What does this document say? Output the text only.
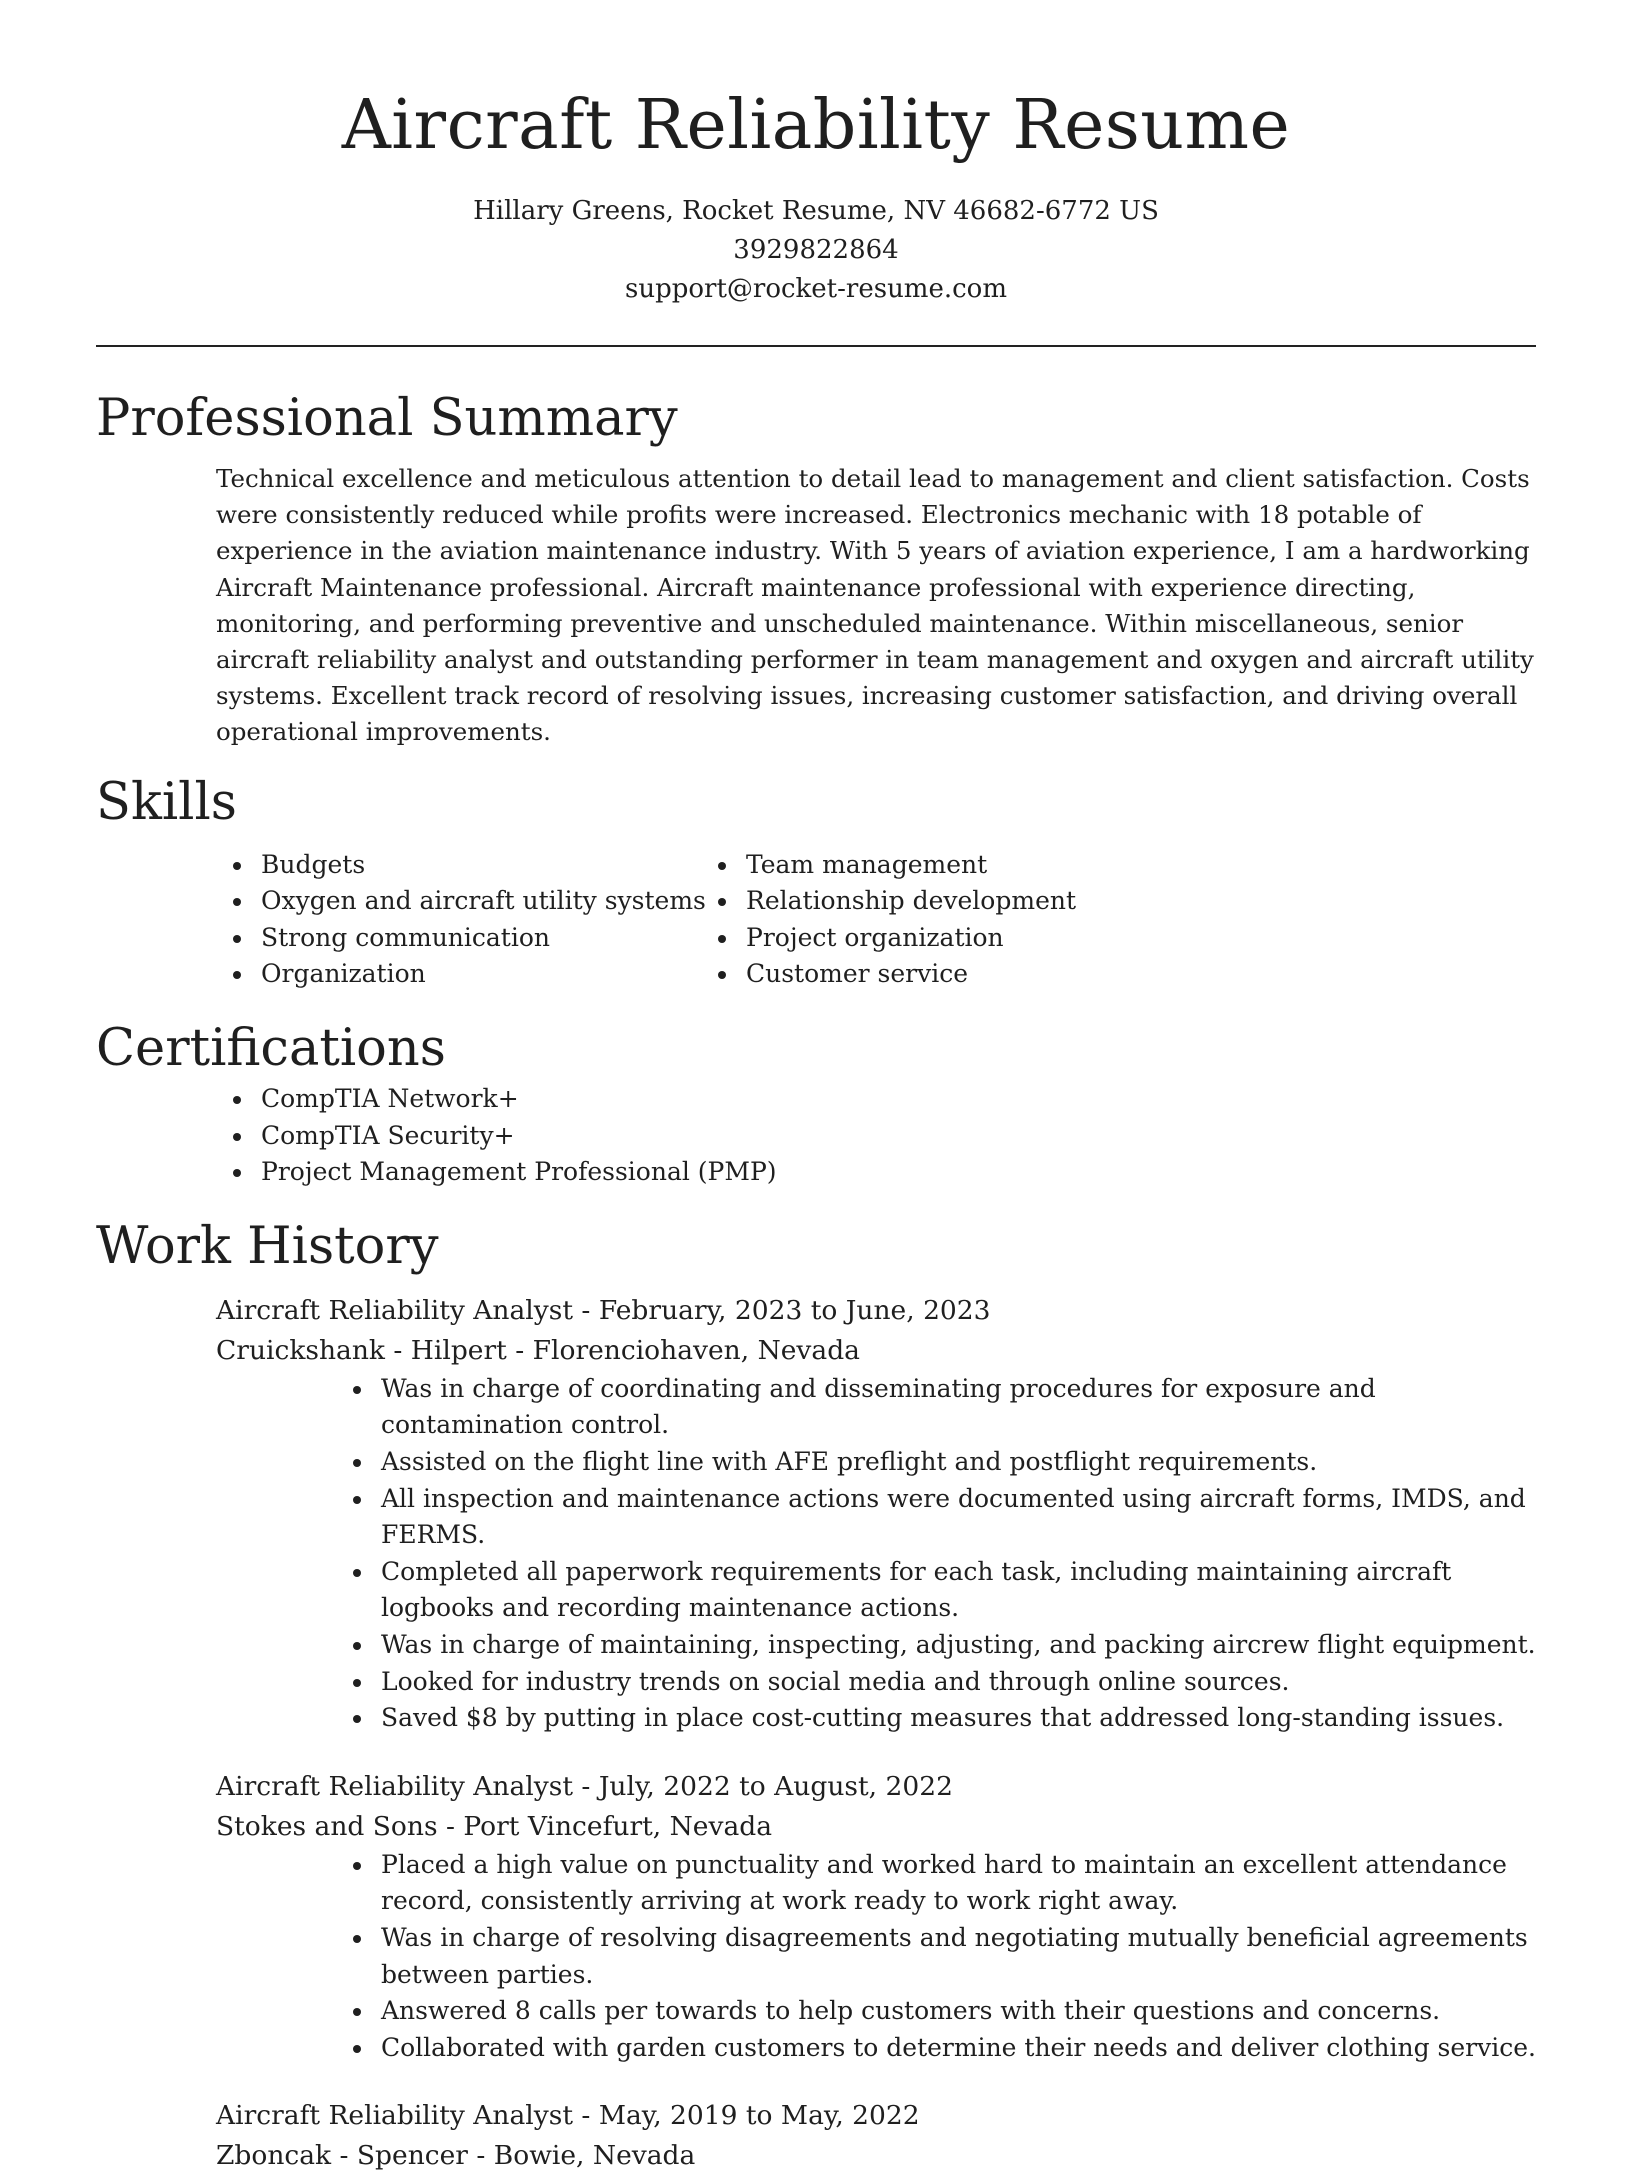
Aircraft Reliability Resume
Hillary Greens, Rocket Resume, NV 46682-6772 US
3929822864
support@rocket-resume.com
Professional Summary

Technical excellence and meticulous attention to detail lead to management and client satisfaction. Costs were consistently reduced while profits were increased. Electronics mechanic with 18 potable of experience in the aviation maintenance industry. With 5 years of aviation experience, I am a hardworking Aircraft Maintenance professional. Aircraft maintenance professional with experience directing, monitoring, and performing preventive and unscheduled maintenance. Within miscellaneous, senior aircraft reliability analyst and outstanding performer in team management and oxygen and aircraft utility systems. Excellent track record of resolving issues, increasing customer satisfaction, and driving overall operational improvements.

Skills
Budgets
Oxygen and aircraft utility systems
Strong communication
Organization
Team management
Relationship development
Project organization
Customer service
Certifications
CompTIA Network+
CompTIA Security+
Project Management Professional (PMP)
Work History
Aircraft Reliability Analyst - February, 2023 to June, 2023
Cruickshank - Hilpert - Florenciohaven, Nevada
Was in charge of coordinating and disseminating procedures for exposure and contamination control.
Assisted on the flight line with AFE preflight and postflight requirements.
All inspection and maintenance actions were documented using aircraft forms, IMDS, and FERMS.
Completed all paperwork requirements for each task, including maintaining aircraft logbooks and recording maintenance actions.
Was in charge of maintaining, inspecting, adjusting, and packing aircrew flight equipment.
Looked for industry trends on social media and through online sources.
Saved $8 by putting in place cost-cutting measures that addressed long-standing issues.
Aircraft Reliability Analyst - July, 2022 to August, 2022
Stokes and Sons - Port Vincefurt, Nevada
Placed a high value on punctuality and worked hard to maintain an excellent attendance record, consistently arriving at work ready to work right away.
Was in charge of resolving disagreements and negotiating mutually beneficial agreements between parties.
Answered 8 calls per towards to help customers with their questions and concerns.
Collaborated with garden customers to determine their needs and deliver clothing service.
Aircraft Reliability Analyst - May, 2019 to May, 2022
Zboncak - Spencer - Bowie, Nevada
